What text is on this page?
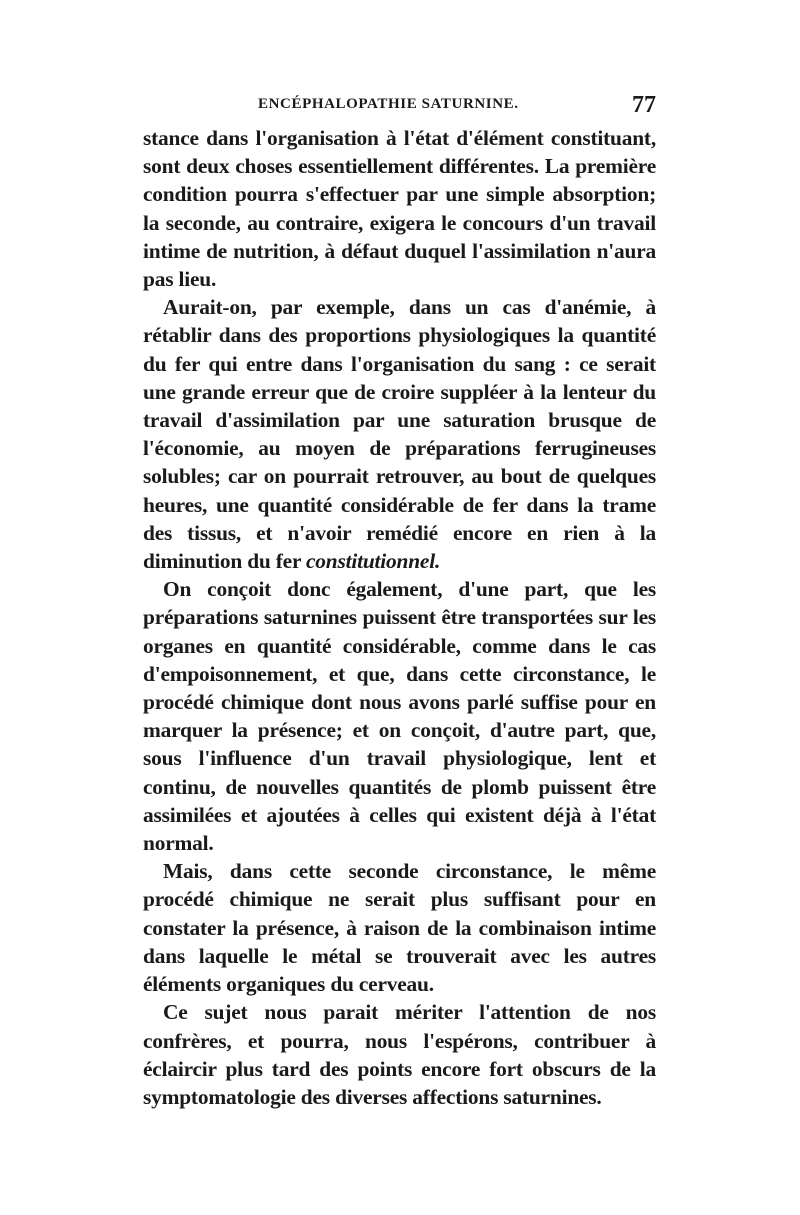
ENCÉPHALOPATHIE SATURNINE.	77

stance dans l'organisation à l'état d'élément constituant, sont deux choses essentiellement différentes. La première condition pourra s'effectuer par une simple absorption; la seconde, au contraire, exigera le concours d'un travail intime de nutrition, à défaut duquel l'assimilation n'aura pas lieu.

Aurait-on, par exemple, dans un cas d'anémie, à rétablir dans des proportions physiologiques la quantité du fer qui entre dans l'organisation du sang : ce serait une grande erreur que de croire suppléer à la lenteur du travail d'assimilation par une saturation brusque de l'économie, au moyen de préparations ferrugineuses solubles; car on pourrait retrouver, au bout de quelques heures, une quantité considérable de fer dans la trame des tissus, et n'avoir remédié encore en rien à la diminution du fer constitutionnel.

On conçoit donc également, d'une part, que les préparations saturnines puissent être transportées sur les organes en quantité considérable, comme dans le cas d'empoisonnement, et que, dans cette circonstance, le procédé chimique dont nous avons parlé suffise pour en marquer la présence; et on conçoit, d'autre part, que, sous l'influence d'un travail physiologique, lent et continu, de nouvelles quantités de plomb puissent être assimilées et ajoutées à celles qui existent déjà à l'état normal.

Mais, dans cette seconde circonstance, le même procédé chimique ne serait plus suffisant pour en constater la présence, à raison de la combinaison intime dans laquelle le métal se trouverait avec les autres éléments organiques du cerveau.

Ce sujet nous parait mériter l'attention de nos confrères, et pourra, nous l'espérons, contribuer à éclaircir plus tard des points encore fort obscurs de la symptomatologie des diverses affections saturnines.
